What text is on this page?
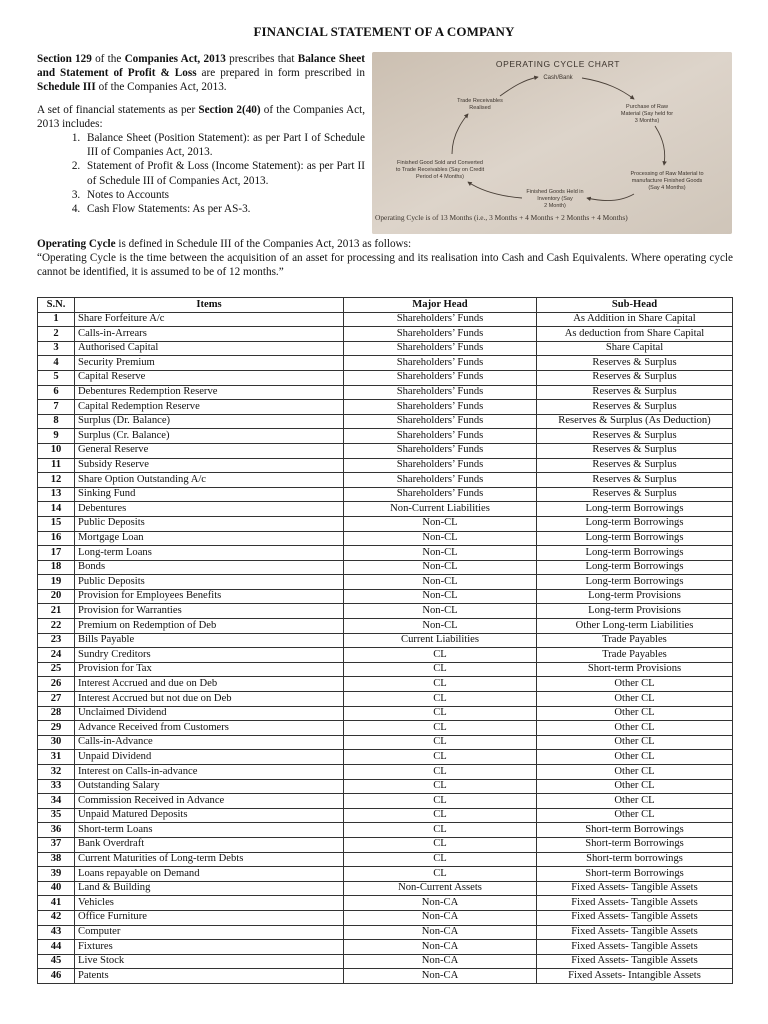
FINANCIAL STATEMENT OF A COMPANY

Section 129 of the Companies Act, 2013 prescribes that Balance Sheet and Statement of Profit & Loss are prepared in form prescribed in Schedule III of the Companies Act, 2013.

A set of financial statements as per Section 2(40) of the Companies Act, 2013 includes:

1. Balance Sheet (Position Statement): as per Part I of Schedule III of Companies Act, 2013.
2. Statement of Profit & Loss (Income Statement): as per Part II of Schedule III of Companies Act, 2013.
3. Notes to Accounts
4. Cash Flow Statements: As per AS-3.
OPERATING CYCLE CHART
Cash/Bank
Purchase of Raw
Material (Say held for
3 Months)
Processing of Raw Material to
manufacture Finished Goods
(Say 4 Months)
Finished Goods Held in
Inventory (Say
2 Month)
Finished Good Sold and Converted
to Trade Receivables (Say on Credit
Period of 4 Months)
Trade Receivables
Realised
Operating Cycle is of 13 Months (i.e., 3 Months + 4 Months + 2 Months + 4 Months)

Operating Cycle is defined in Schedule III of the Companies Act, 2013 as follows:

“Operating Cycle is the time between the acquisition of an asset for processing and its realisation into Cash and Cash Equivalents. Where operating cycle cannot be identified, it is assumed to be of 12 months.”

S.N.	Items	Major Head	Sub-Head
1	Share Forfeiture A/c	Shareholders’ Funds	As Addition in Share Capital
2	Calls-in-Arrears	Shareholders’ Funds	As deduction from Share Capital
3	Authorised Capital	Shareholders’ Funds	Share Capital
4	Security Premium	Shareholders’ Funds	Reserves & Surplus
5	Capital Reserve	Shareholders’ Funds	Reserves & Surplus
6	Debentures Redemption Reserve	Shareholders’ Funds	Reserves & Surplus
7	Capital Redemption Reserve	Shareholders’ Funds	Reserves & Surplus
8	Surplus (Dr. Balance)	Shareholders’ Funds	Reserves & Surplus (As Deduction)
9	Surplus (Cr. Balance)	Shareholders’ Funds	Reserves & Surplus
10	General Reserve	Shareholders’ Funds	Reserves & Surplus
11	Subsidy Reserve	Shareholders’ Funds	Reserves & Surplus
12	Share Option Outstanding A/c	Shareholders’ Funds	Reserves & Surplus
13	Sinking Fund	Shareholders’ Funds	Reserves & Surplus
14	Debentures	Non-Current Liabilities	Long-term Borrowings
15	Public Deposits	Non-CL	Long-term Borrowings
16	Mortgage Loan	Non-CL	Long-term Borrowings
17	Long-term Loans	Non-CL	Long-term Borrowings
18	Bonds	Non-CL	Long-term Borrowings
19	Public Deposits	Non-CL	Long-term Borrowings
20	Provision for Employees Benefits	Non-CL	Long-term Provisions
21	Provision for Warranties	Non-CL	Long-term Provisions
22	Premium on Redemption of Deb	Non-CL	Other Long-term Liabilities
23	Bills Payable	Current Liabilities	Trade Payables
24	Sundry Creditors	CL	Trade Payables
25	Provision for Tax	CL	Short-term Provisions
26	Interest Accrued and due on Deb	CL	Other CL
27	Interest Accrued but not due on Deb	CL	Other CL
28	Unclaimed Dividend	CL	Other CL
29	Advance Received from Customers	CL	Other CL
30	Calls-in-Advance	CL	Other CL
31	Unpaid Dividend	CL	Other CL
32	Interest on Calls-in-advance	CL	Other CL
33	Outstanding Salary	CL	Other CL
34	Commission Received in Advance	CL	Other CL
35	Unpaid Matured Deposits	CL	Other CL
36	Short-term Loans	CL	Short-term Borrowings
37	Bank Overdraft	CL	Short-term Borrowings
38	Current Maturities of Long-term Debts	CL	Short-term borrowings
39	Loans repayable on Demand	CL	Short-term Borrowings
40	Land & Building	Non-Current Assets	Fixed Assets- Tangible Assets
41	Vehicles	Non-CA	Fixed Assets- Tangible Assets
42	Office Furniture	Non-CA	Fixed Assets- Tangible Assets
43	Computer	Non-CA	Fixed Assets- Tangible Assets
44	Fixtures	Non-CA	Fixed Assets- Tangible Assets
45	Live Stock	Non-CA	Fixed Assets- Tangible Assets
46	Patents	Non-CA	Fixed Assets- Intangible Assets
